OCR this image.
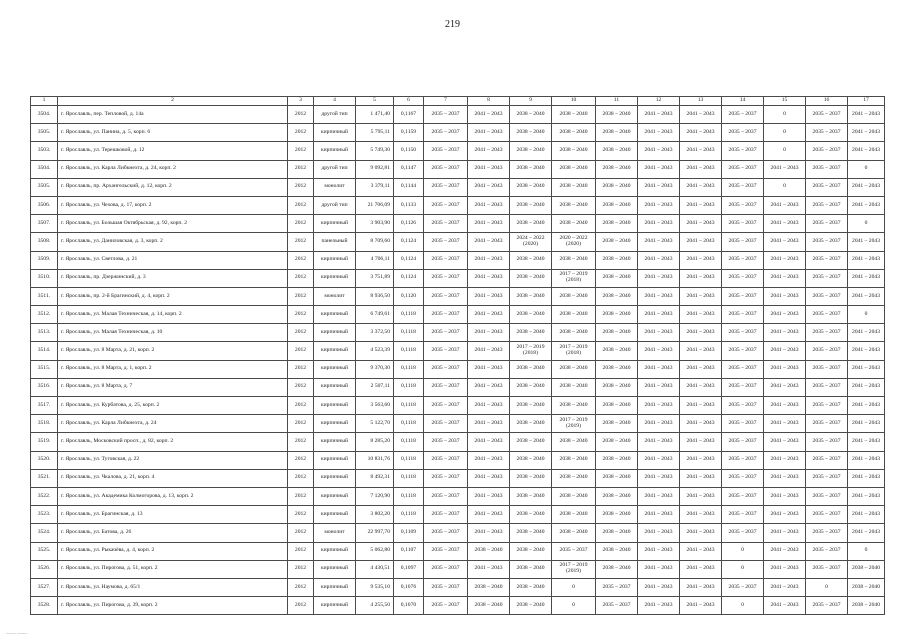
219
1	2	3	4	5	6	7	8	9	10	11	12	13	14	15	16	17
3504.	г. Ярославль, пер. Тепловой, д. 14а	2012	другой тип	1 471,40	0,1167	2035 – 2037	2041 – 2043	2038 – 2040	2038 – 2040	2038 – 2040	2041 – 2043	2041 – 2043	2035 – 2037	0	2035 – 2037	2041 – 2043
3505.	г. Ярославль, ул. Панина, д. 5, корп. 6	2012	кирпичный	5 795,11	0,1159	2035 – 2037	2041 – 2043	2038 – 2040	2038 – 2040	2038 – 2040	2041 – 2043	2041 – 2043	2035 – 2037	0	2035 – 2037	2041 – 2043
3503.	г. Ярославль, ул. Терешковой, д. 12	2012	кирпичный	5 749,30	0,1150	2035 – 2037	2041 – 2043	2038 – 2040	2038 – 2040	2038 – 2040	2041 – 2043	2041 – 2043	2035 – 2037	0	2035 – 2037	2041 – 2043
3504.	г. Ярославль, ул. Карла Либкнехта, д. 24, корп. 2	2012	другой тип	9 092,81	0,1147	2035 – 2037	2041 – 2043	2038 – 2040	2038 – 2040	2038 – 2040	2041 – 2043	2041 – 2043	2035 – 2037	2041 – 2043	2035 – 2037	0
3505.	г. Ярославль, пр. Архангельский, д. 12, корп. 2	2012	монолит	3 379,11	0,1144	2035 – 2037	2041 – 2043	2038 – 2040	2038 – 2040	2038 – 2040	2041 – 2043	2041 – 2043	2035 – 2037	0	2035 – 2037	2041 – 2043
3506.	г. Ярославль, ул. Чехова, д. 17, корп. 2	2012	другой тип	21 706,09	0,1133	2035 – 2037	2041 – 2043	2038 – 2040	2038 – 2040	2038 – 2040	2041 – 2043	2041 – 2043	2035 – 2037	2041 – 2043	2035 – 2037	2041 – 2043
3507.	г. Ярославль, ул. Большая Октябрьская, д. 92, корп. 2	2012	кирпичный	3 903,90	0,1126	2035 – 2037	2041 – 2043	2038 – 2040	2038 – 2040	2038 – 2040	2041 – 2043	2041 – 2043	2035 – 2037	2041 – 2043	2035 – 2037	0
3508.	г. Ярославль, ул. Даниловская, д. 3, корп. 2	2012	панельный	8 709,60	0,1124	2035 – 2037	2041 – 2043	2024 – 2022 (2020)	2020 – 2022 (2020)	2038 – 2040	2041 – 2043	2041 – 2043	2035 – 2037	2041 – 2043	2035 – 2037	2041 – 2043
3509.	г. Ярославль, ул. Светлова, д. 21	2012	кирпичный	4 706,11	0,1124	2035 – 2037	2041 – 2043	2038 – 2040	2038 – 2040	2038 – 2040	2041 – 2043	2041 – 2043	2035 – 2037	2041 – 2043	2035 – 2037	2041 – 2043
3510.	г. Ярославль, пр. Дзержинский, д. 3	2012	кирпичный	3 751,89	0,1124	2035 – 2037	2041 – 2043	2038 – 2040	2017 – 2019 (2018)	2038 – 2040	2041 – 2043	2041 – 2043	2035 – 2037	2041 – 2043	2035 – 2037	2041 – 2043
3511.	г. Ярославль, пр. 2-й Брагинский, д. 4, корп. 2	2012	монолит	8 936,50	0,1120	2035 – 2037	2041 – 2043	2038 – 2040	2038 – 2040	2038 – 2040	2041 – 2043	2041 – 2043	2035 – 2037	2041 – 2043	2035 – 2037	2041 – 2043
3512.	г. Ярославль, ул. Малая Техническая, д. 14, корп. 2	2012	кирпичный	6 749,61	0,1118	2035 – 2037	2041 – 2043	2038 – 2040	2038 – 2040	2038 – 2040	2041 – 2043	2041 – 2043	2035 – 2037	2041 – 2043	2035 – 2037	0
3513.	г. Ярославль, ул. Малая Техническая, д. 10	2012	кирпичный	3 372,50	0,1118	2035 – 2037	2041 – 2043	2038 – 2040	2038 – 2040	2038 – 2040	2041 – 2043	2041 – 2043	2035 – 2037	2041 – 2043	2035 – 2037	2041 – 2043
3514.	г. Ярославль, ул. 8 Марта, д. 21, корп. 2	2012	кирпичный	4 523,39	0,1118	2035 – 2037	2041 – 2043	2017 – 2019 (2018)	2017 – 2019 (2018)	2038 – 2040	2041 – 2043	2041 – 2043	2035 – 2037	2041 – 2043	2035 – 2037	2041 – 2043
3515.	г. Ярославль, ул. 8 Марта, д. 1, корп. 2	2012	кирпичный	9 370,30	0,1118	2035 – 2037	2041 – 2043	2038 – 2040	2038 – 2040	2038 – 2040	2041 – 2043	2041 – 2043	2035 – 2037	2041 – 2043	2035 – 2037	2041 – 2043
3516.	г. Ярославль, ул. 8 Марта, д. 7	2012	кирпичный	2 507,11	0,1118	2035 – 2037	2041 – 2043	2038 – 2040	2038 – 2040	2038 – 2040	2041 – 2043	2041 – 2043	2035 – 2037	2041 – 2043	2035 – 2037	2041 – 2043
3517.	г. Ярославль, ул. Курбатова, д. 25, корп. 2	2012	кирпичный	3 563,60	0,1118	2035 – 2037	2041 – 2043	2038 – 2040	2038 – 2040	2038 – 2040	2041 – 2043	2041 – 2043	2035 – 2037	2041 – 2043	2035 – 2037	2041 – 2043
3518.	г. Ярославль, ул. Карла Либкнехта, д. 24	2012	кирпичный	5 122,70	0,1118	2035 – 2037	2041 – 2043	2038 – 2040	2017 – 2019 (2019)	2038 – 2040	2041 – 2043	2041 – 2043	2035 – 2037	2041 – 2043	2035 – 2037	2041 – 2043
3519.	г. Ярославль, Московский просп., д. 82, корп. 2	2012	кирпичный	8 285,20	0,1118	2035 – 2037	2041 – 2043	2038 – 2040	2038 – 2040	2038 – 2040	2041 – 2043	2041 – 2043	2035 – 2037	2041 – 2043	2035 – 2037	2041 – 2043
3520.	г. Ярославль, ул. Туговская, д. 22	2012	кирпичный	10 831,76	0,1118	2035 – 2037	2041 – 2043	2038 – 2040	2038 – 2040	2038 – 2040	2041 – 2043	2041 – 2043	2035 – 2037	2041 – 2043	2035 – 2037	2041 – 2043
3521.	г. Ярославль, ул. Чкалова, д. 21, корп. 4	2012	кирпичный	8 492,31	0,1118	2035 – 2037	2041 – 2043	2038 – 2040	2038 – 2040	2038 – 2040	2041 – 2043	2041 – 2043	2035 – 2037	2041 – 2043	2035 – 2037	2041 – 2043
3522.	г. Ярославль, ул. Академика Колмогорова, д. 13, корп. 2	2012	кирпичный	7 120,90	0,1118	2035 – 2037	2041 – 2043	2038 – 2040	2038 – 2040	2038 – 2040	2041 – 2043	2041 – 2043	2035 – 2037	2041 – 2043	2035 – 2037	2041 – 2043
3523.	г. Ярославль, ул. Брагинская, д. 13	2012	кирпичный	3 802,20	0,1118	2035 – 2037	2041 – 2043	2038 – 2040	2038 – 2040	2038 – 2040	2041 – 2043	2041 – 2043	2035 – 2037	2041 – 2043	2035 – 2037	2041 – 2043
3524.	г. Ярославль, ул. Батова, д. 26	2012	монолит	22 997,70	0,1109	2035 – 2037	2041 – 2043	2038 – 2040	2038 – 2040	2038 – 2040	2041 – 2043	2041 – 2043	2035 – 2037	2041 – 2043	2035 – 2037	2041 – 2043
3525.	г. Ярославль, ул. Рыкачёва, д. 4, корп. 2	2012	кирпичный	5 062,80	0,1107	2035 – 2037	2038 – 2040	2038 – 2040	2035 – 2037	2038 – 2040	2041 – 2043	2041 – 2043	0	2041 – 2043	2035 – 2037	0
3526.	г. Ярославль, ул. Пирогова, д. 51, корп. 2	2012	кирпичный	4 430,51	0,1097	2035 – 2037	2041 – 2043	2038 – 2040	2017 – 2019 (2019)	2038 – 2040	2041 – 2043	2041 – 2043	0	2041 – 2043	2035 – 2037	2038 – 2040
3527.	г. Ярославль, ул. Наумова, д. 65/1	2012	кирпичный	9 535,10	0,1076	2035 – 2037	2038 – 2040	2038 – 2040	0	2035 – 2037	2041 – 2043	2041 – 2043	2035 – 2037	2041 – 2043	0	2038 – 2040
3528.	г. Ярославль, ул. Пирогова, д. 39, корп. 2	2012	кирпичный	4 255,50	0,1070	2035 – 2037	2038 – 2040	2038 – 2040	0	2035 – 2037	2041 – 2043	2041 – 2043	0	2041 – 2043	2035 – 2037	2038 – 2040
—— ——
